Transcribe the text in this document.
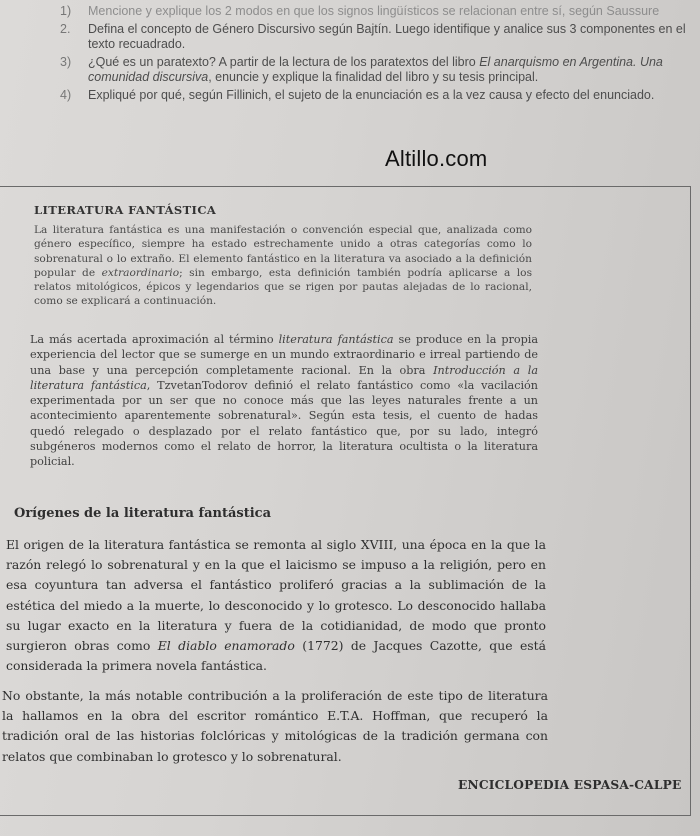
1)	Mencione y explique los 2 modos en que los signos lingüísticos se relacionan entre sí, según Saussure
2.	Defina el concepto de Género Discursivo según Bajtín. Luego identifique y analice sus 3 componentes en el texto recuadrado.
3)	¿Qué es un paratexto? A partir de la lectura de los paratextos del libro El anarquismo en Argentina. Una comunidad discursiva, enuncie y explique la finalidad del libro y su tesis principal.
4)	Expliqué por qué, según Fillinich, el sujeto de la enunciación es a la vez causa y efecto del enunciado.
Altillo.com
LITERATURA FANTÁSTICA
La literatura fantástica es una manifestación o convención especial que, analizada como género específico, siempre ha estado estrechamente unido a otras categorías como lo sobrenatural o lo extraño. El elemento fantástico en la literatura va asociado a la definición popular de extraordinario; sin embargo, esta definición también podría aplicarse a los relatos mitológicos, épicos y legendarios que se rigen por pautas alejadas de lo racional, como se explicará a continuación.
La más acertada aproximación al término literatura fantástica se produce en la propia experiencia del lector que se sumerge en un mundo extraordinario e irreal partiendo de una base y una percepción completamente racional. En la obra Introducción a la literatura fantástica, TzvetanTodorov definió el relato fantástico como «la vacilación experimentada por un ser que no conoce más que las leyes naturales frente a un acontecimiento aparentemente sobrenatural». Según esta tesis, el cuento de hadas quedó relegado o desplazado por el relato fantástico que, por su lado, integró subgéneros modernos como el relato de horror, la literatura ocultista o la literatura policial.
Orígenes de la literatura fantástica
El origen de la literatura fantástica se remonta al siglo XVIII, una época en la que la razón relegó lo sobrenatural y en la que el laicismo se impuso a la religión, pero en esa coyuntura tan adversa el fantástico proliferó gracias a la sublimación de la estética del miedo a la muerte, lo desconocido y lo grotesco. Lo desconocido hallaba su lugar exacto en la literatura y fuera de la cotidianidad, de modo que pronto surgieron obras como El diablo enamorado (1772) de Jacques Cazotte, que está considerada la primera novela fantástica.
No obstante, la más notable contribución a la proliferación de este tipo de literatura la hallamos en la obra del escritor romántico E.T.A. Hoffman, que recuperó la tradición oral de las historias folclóricas y mitológicas de la tradición germana con relatos que combinaban lo grotesco y lo sobrenatural.
ENCICLOPEDIA ESPASA-CALPE
